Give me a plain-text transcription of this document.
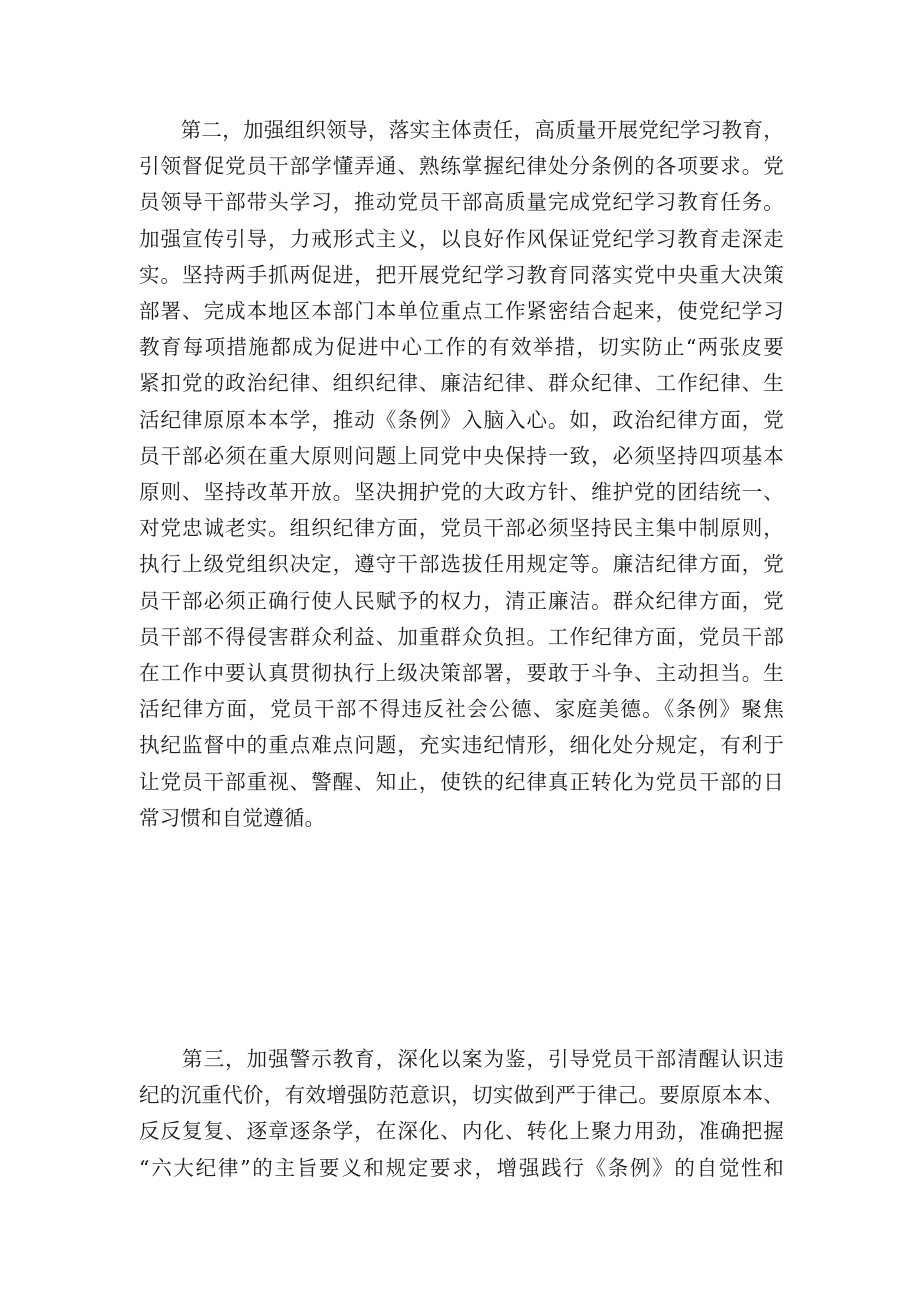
　　第二，加强组织领导，落实主体责任，高质量开展党纪学习教育，
引领督促党员干部学懂弄通、熟练掌握纪律处分条例的各项要求。党
员领导干部带头学习，推动党员干部高质量完成党纪学习教育任务。
加强宣传引导，力戒形式主义，以良好作风保证党纪学习教育走深走
实。坚持两手抓两促进，把开展党纪学习教育同落实党中央重大决策
部署、完成本地区本部门本单位重点工作紧密结合起来，使党纪学习
教育每项措施都成为促进中心工作的有效举措，切实防止“两张皮要
紧扣党的政治纪律、组织纪律、廉洁纪律、群众纪律、工作纪律、生
活纪律原原本本学，推动《条例》入脑入心。如，政治纪律方面，党
员干部必须在重大原则问题上同党中央保持一致，必须坚持四项基本
原则、坚持改革开放。坚决拥护党的大政方针、维护党的团结统一、
对党忠诚老实。组织纪律方面，党员干部必须坚持民主集中制原则，
执行上级党组织决定，遵守干部选拔任用规定等。廉洁纪律方面，党
员干部必须正确行使人民赋予的权力，清正廉洁。群众纪律方面，党
员干部不得侵害群众利益、加重群众负担。工作纪律方面，党员干部
在工作中要认真贯彻执行上级决策部署，要敢于斗争、主动担当。生
活纪律方面，党员干部不得违反社会公德、家庭美德。《条例》聚焦
执纪监督中的重点难点问题，充实违纪情形，细化处分规定，有利于
让党员干部重视、警醒、知止，使铁的纪律真正转化为党员干部的日
常习惯和自觉遵循。
　　第三，加强警示教育，深化以案为鉴，引导党员干部清醒认识违
纪的沉重代价，有效增强防范意识，切实做到严于律己。要原原本本、
反反复复、逐章逐条学，在深化、内化、转化上聚力用劲，准确把握
“六大纪律”的主旨要义和规定要求，增强践行《条例》的自觉性和
